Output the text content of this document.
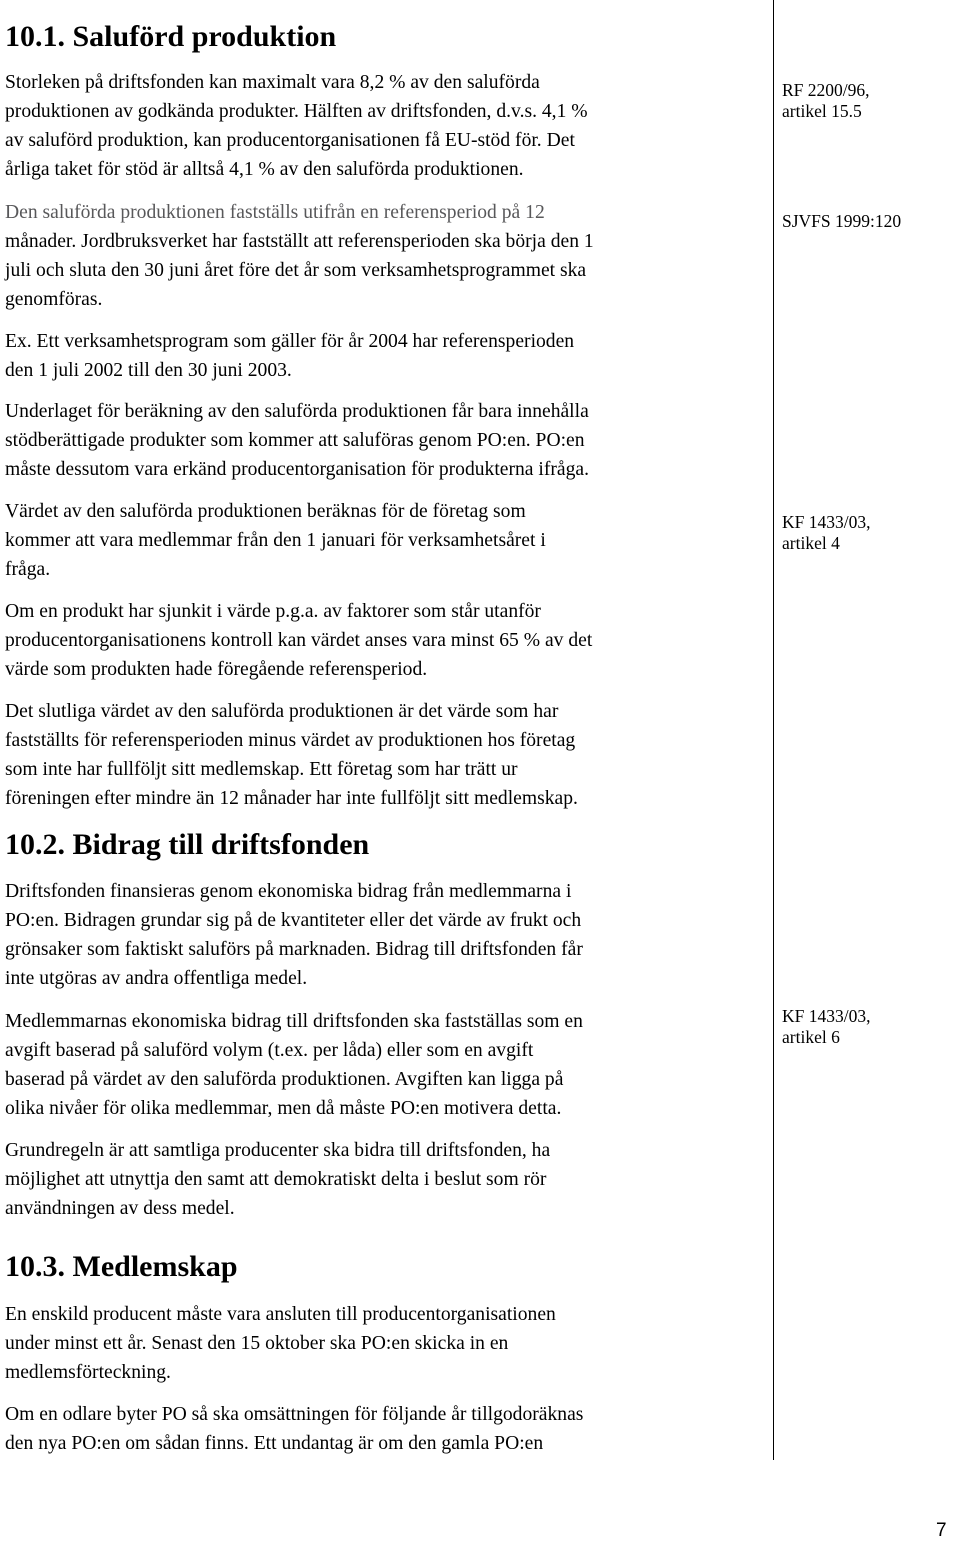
10.1. Saluförd produktion

Storleken på driftsfonden kan maximalt vara 8,2 % av den saluförda
produktionen av godkända produkter. Hälften av driftsfonden, d.v.s. 4,1 %
av saluförd produktion, kan producentorganisationen få EU-stöd för. Det
årliga taket för stöd är alltså 4,1 % av den saluförda produktionen.

Den saluförda produktionen fastställs utifrån en referensperiod på 12
månader. Jordbruksverket har fastställt att referensperioden ska börja den 1
juli och sluta den 30 juni året före det år som verksamhetsprogrammet ska
genomföras.

Ex. Ett verksamhetsprogram som gäller för år 2004 har referensperioden
den 1 juli 2002 till den 30 juni 2003.

Underlaget för beräkning av den saluförda produktionen får bara innehålla
stödberättigade produkter som kommer att saluföras genom PO:en. PO:en
måste dessutom vara erkänd producentorganisation för produkterna ifråga.

Värdet av den saluförda produktionen beräknas för de företag som
kommer att vara medlemmar från den 1 januari för verksamhetsåret i
fråga.

Om en produkt har sjunkit i värde p.g.a. av faktorer som står utanför
producentorganisationens kontroll kan värdet anses vara minst 65 % av det
värde som produkten hade föregående referensperiod.

Det slutliga värdet av den saluförda produktionen är det värde som har
fastställts för referensperioden minus värdet av produktionen hos företag
som inte har fullföljt sitt medlemskap. Ett företag som har trätt ur
föreningen efter mindre än 12 månader har inte fullföljt sitt medlemskap.

10.2. Bidrag till driftsfonden

Driftsfonden finansieras genom ekonomiska bidrag från medlemmarna i
PO:en. Bidragen grundar sig på de kvantiteter eller det värde av frukt och
grönsaker som faktiskt saluförs på marknaden. Bidrag till driftsfonden får
inte utgöras av andra offentliga medel.

Medlemmarnas ekonomiska bidrag till driftsfonden ska fastställas som en
avgift baserad på saluförd volym (t.ex. per låda) eller som en avgift
baserad på värdet av den saluförda produktionen. Avgiften kan ligga på
olika nivåer för olika medlemmar, men då måste PO:en motivera detta.

Grundregeln är att samtliga producenter ska bidra till driftsfonden, ha
möjlighet att utnyttja den samt att demokratiskt delta i beslut som rör
användningen av dess medel.

10.3. Medlemskap

En enskild producent måste vara ansluten till producentorganisationen
under minst ett år. Senast den 15 oktober ska PO:en skicka in en
medlemsförteckning.

Om en odlare byter PO så ska omsättningen för följande år tillgodoräknas
den nya PO:en om sådan finns. Ett undantag är om den gamla PO:en

RF 2200/96,
artikel 15.5
SJVFS 1999:120
KF 1433/03,
artikel 4
KF 1433/03,
artikel 6
7
